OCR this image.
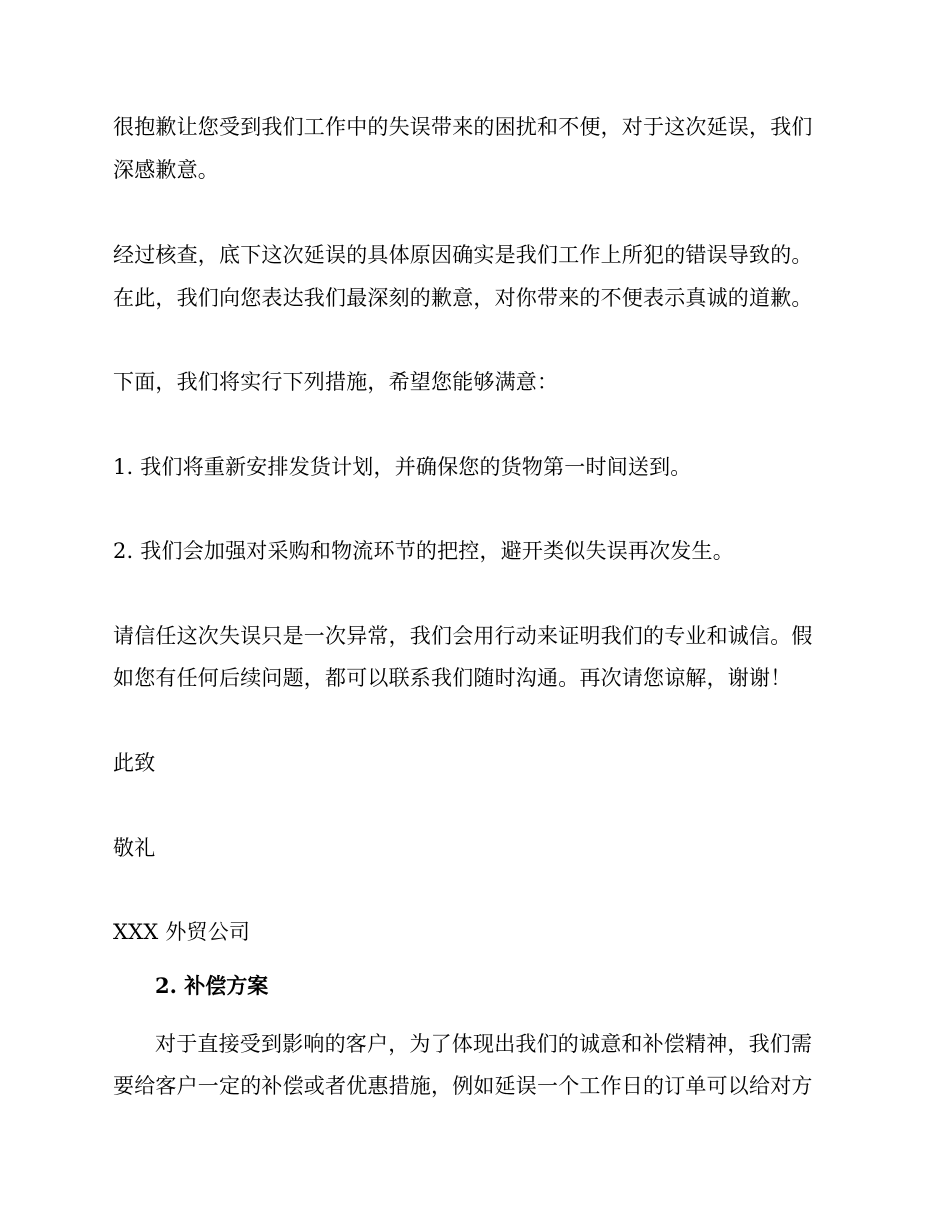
很抱歉让您受到我们工作中的失误带来的困扰和不便，对于这次延误，我们
深感歉意。
经过核查，底下这次延误的具体原因确实是我们工作上所犯的错误导致的。
在此，我们向您表达我们最深刻的歉意，对你带来的不便表示真诚的道歉。
下面，我们将实行下列措施，希望您能够满意：
1. 我们将重新安排发货计划，并确保您的货物第一时间送到。
2. 我们会加强对采购和物流环节的把控，避开类似失误再次发生。
请信任这次失误只是一次异常，我们会用行动来证明我们的专业和诚信。假
如您有任何后续问题，都可以联系我们随时沟通。再次请您谅解，谢谢！
此致
敬礼
XXX 外贸公司
2. 补偿方案
对于直接受到影响的客户，为了体现出我们的诚意和补偿精神，我们需
要给客户一定的补偿或者优惠措施，例如延误一个工作日的订单可以给对方
